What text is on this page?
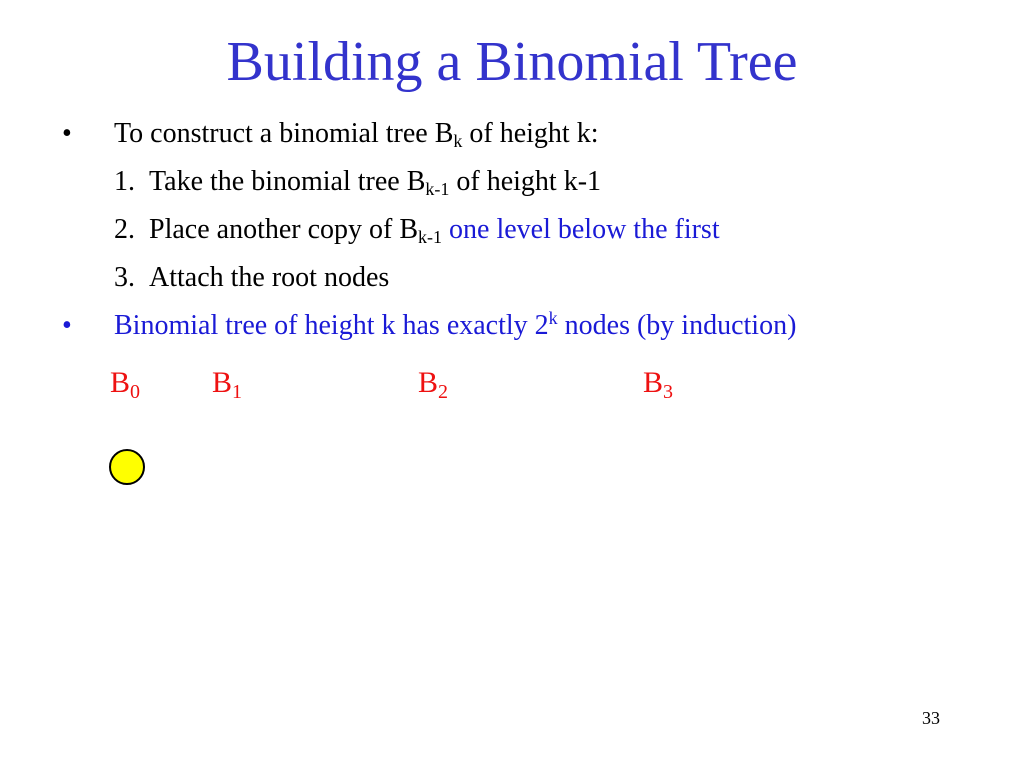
Building a Binomial Tree
• To construct a binomial tree $B_k$ of height k:
1. Take the binomial tree $B_{k-1}$ of height k-1
2. Place another copy of $B_{k-1}$ one level below the first
3. Attach the root nodes
• Binomial tree of height k has exactly 2$^k$ nodes (by induction)
$B_0$ $B_1$	$B_2$	$B_3$
33
